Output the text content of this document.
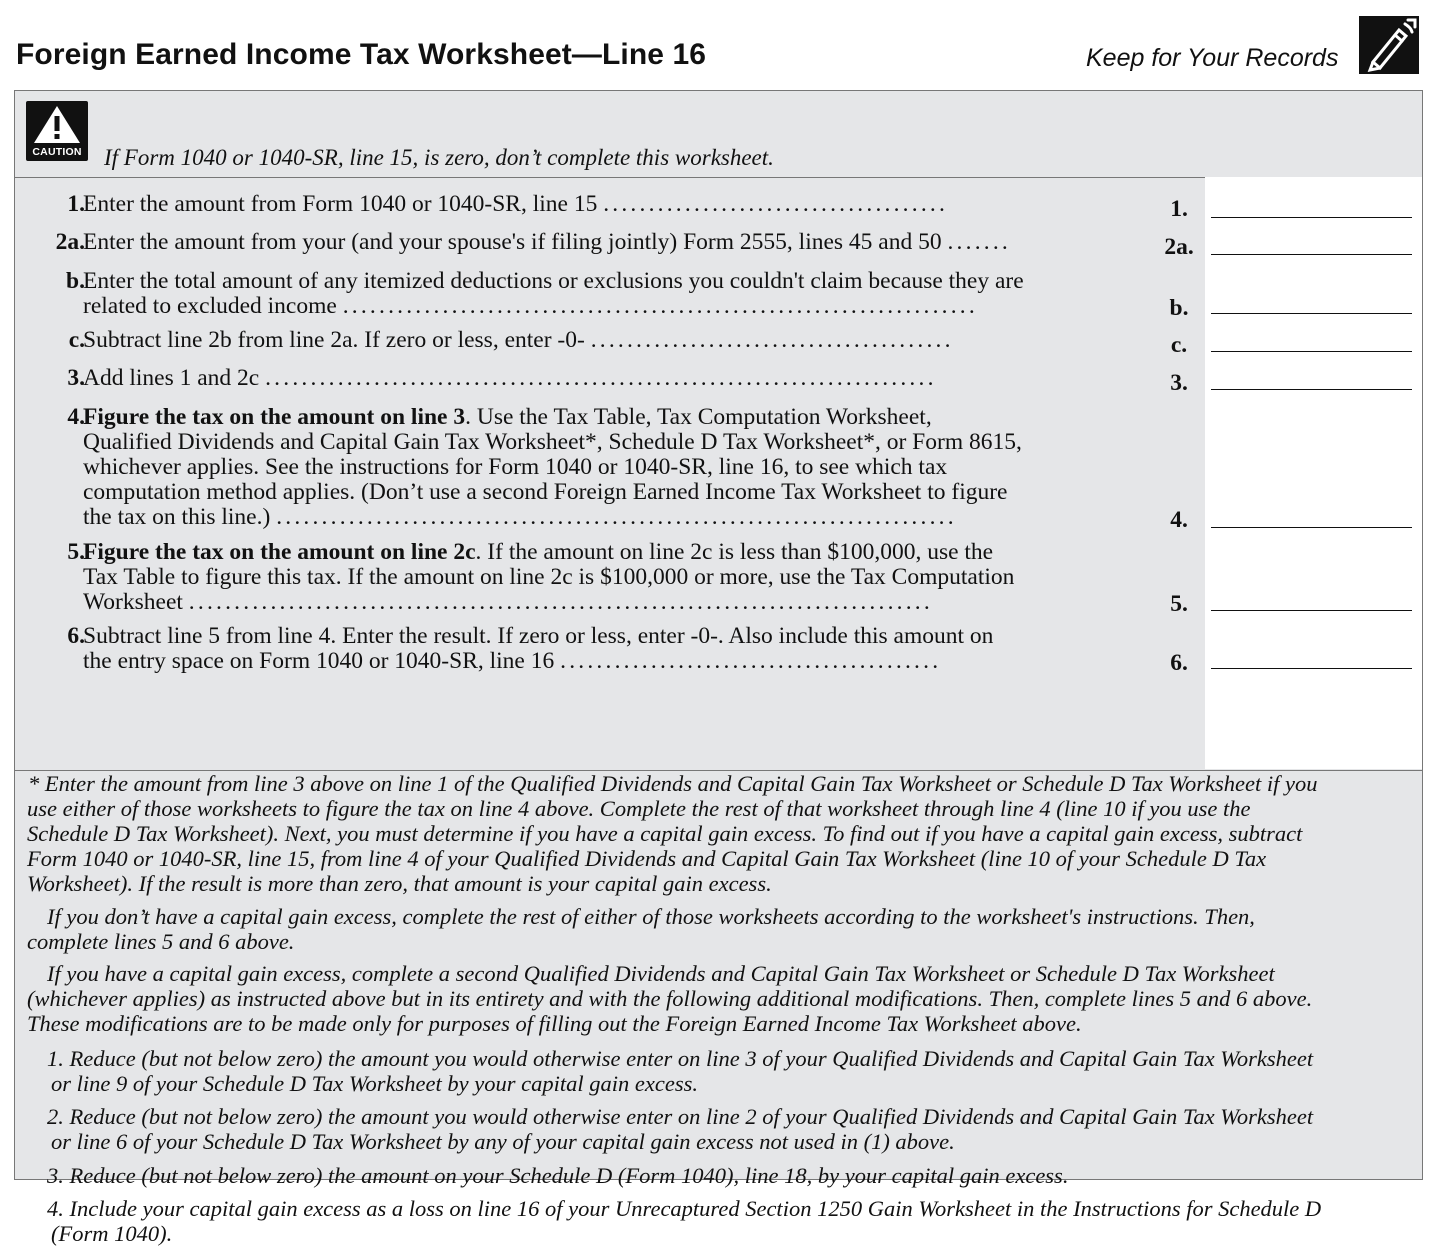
Foreign Earned Income Tax Worksheet—Line 16	Keep for Your Records
CAUTION If Form 1040 or 1040-SR, line 15, is zero, don’t complete this worksheet.
1.

Enter the amount from Form 1040 or 1040-SR, line 15 ......................................	1.
2a.

Enter the amount from your (and your spouse's if filing jointly) Form 2555, lines 45 and 50 .......	2a.
b.

Enter the total amount of any itemized deductions or exclusions you couldn't claim because they are

related to excluded income ......................................................................	b.
c.

Subtract line 2b from line 2a. If zero or less, enter -0- ........................................	c.
3.

Add lines 1 and 2c ..........................................................................	3.
4.

Figure the tax on the amount on line 3. Use the Tax Table, Tax Computation Worksheet,

Qualified Dividends and Capital Gain Tax Worksheet*, Schedule D Tax Worksheet*, or Form 8615,

whichever applies. See the instructions for Form 1040 or 1040-SR, line 16, to see which tax

computation method applies. (Don’t use a second Foreign Earned Income Tax Worksheet to figure

the tax on this line.) ...........................................................................	4.
5.

Figure the tax on the amount on line 2c. If the amount on line 2c is less than $100,000, use the

Tax Table to figure this tax. If the amount on line 2c is $100,000 or more, use the Tax Computation

Worksheet ..................................................................................	5.
6.

Subtract line 5 from line 4. Enter the result. If zero or less, enter -0-. Also include this amount on

the entry space on Form 1040 or 1040-SR, line 16 ..........................................	6.

* Enter the amount from line 3 above on line 1 of the Qualified Dividends and Capital Gain Tax Worksheet or Schedule D Tax Worksheet if you

use either of those worksheets to figure the tax on line 4 above. Complete the rest of that worksheet through line 4 (line 10 if you use the

Schedule D Tax Worksheet). Next, you must determine if you have a capital gain excess. To find out if you have a capital gain excess, subtract

Form 1040 or 1040-SR, line 15, from line 4 of your Qualified Dividends and Capital Gain Tax Worksheet (line 10 of your Schedule D Tax

Worksheet). If the result is more than zero, that amount is your capital gain excess.

If you don’t have a capital gain excess, complete the rest of either of those worksheets according to the worksheet's instructions. Then,

complete lines 5 and 6 above.

If you have a capital gain excess, complete a second Qualified Dividends and Capital Gain Tax Worksheet or Schedule D Tax Worksheet

(whichever applies) as instructed above but in its entirety and with the following additional modifications. Then, complete lines 5 and 6 above.

These modifications are to be made only for purposes of filling out the Foreign Earned Income Tax Worksheet above.

1. Reduce (but not below zero) the amount you would otherwise enter on line 3 of your Qualified Dividends and Capital Gain Tax Worksheet

or line 9 of your Schedule D Tax Worksheet by your capital gain excess.

2. Reduce (but not below zero) the amount you would otherwise enter on line 2 of your Qualified Dividends and Capital Gain Tax Worksheet

or line 6 of your Schedule D Tax Worksheet by any of your capital gain excess not used in (1) above.

3. Reduce (but not below zero) the amount on your Schedule D (Form 1040), line 18, by your capital gain excess.

4. Include your capital gain excess as a loss on line 16 of your Unrecaptured Section 1250 Gain Worksheet in the Instructions for Schedule D

(Form 1040).
